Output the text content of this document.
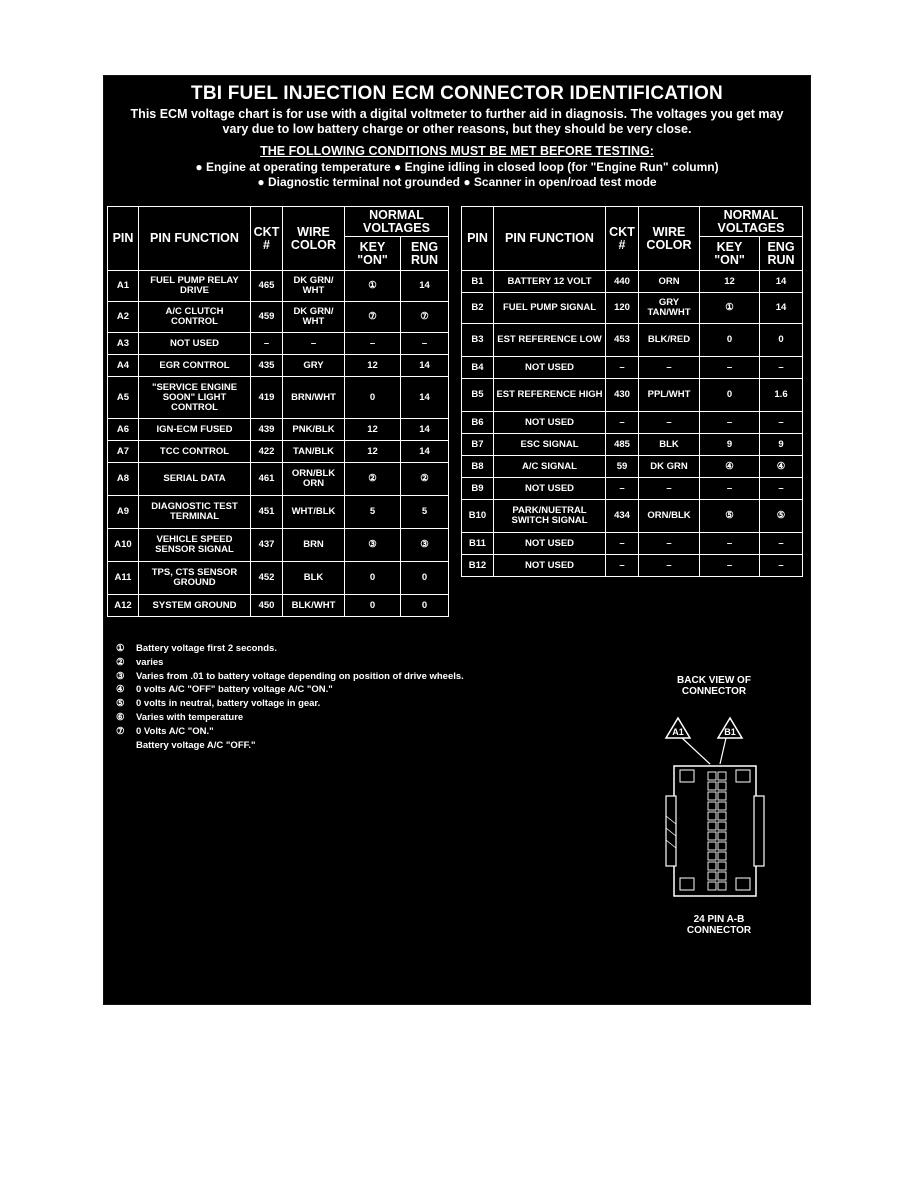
TBI FUEL INJECTION ECM CONNECTOR IDENTIFICATION
This ECM voltage chart is for use with a digital voltmeter to further aid in diagnosis. The voltages you get may vary due to low battery charge or other reasons, but they should be very close.
THE FOLLOWING CONDITIONS MUST BE MET BEFORE TESTING:
● Engine at operating temperature ● Engine idling in closed loop (for "Engine Run" column)
● Diagnostic terminal not grounded ● Scanner in open/road test mode
PIN	PIN FUNCTION	CKT #	WIRE COLOR	NORMAL VOLTAGES	
				KEY "ON"	ENG RUN
A1	FUEL PUMP RELAY DRIVE	465	DK GRN/ WHT	①	14
A2	A/C CLUTCH CONTROL	459	DK GRN/ WHT	⑦	⑦
A3	NOT USED	–	–	–	–
A4	EGR CONTROL	435	GRY	12	14
A5	"SERVICE ENGINE SOON" LIGHT CONTROL	419	BRN/WHT	0	14
A6	IGN-ECM FUSED	439	PNK/BLK	12	14
A7	TCC CONTROL	422	TAN/BLK	12	14
A8	SERIAL DATA	461	ORN/BLK ORN	②	②
A9	DIAGNOSTIC TEST TERMINAL	451	WHT/BLK	5	5
A10	VEHICLE SPEED SENSOR SIGNAL	437	BRN	③	③
A11	TPS, CTS SENSOR GROUND	452	BLK	0	0
A12	SYSTEM GROUND	450	BLK/WHT	0	0
PIN	PIN FUNCTION	CKT #	WIRE COLOR	NORMAL VOLTAGES	
				KEY "ON"	ENG RUN
B1	BATTERY 12 VOLT	440	ORN	12	14
B2	FUEL PUMP SIGNAL	120	GRY TAN/WHT	①	14
B3	EST REFERENCE LOW	453	BLK/RED	0	0
B4	NOT USED	–	–	–	–
B5	EST REFERENCE HIGH	430	PPL/WHT	0	1.6
B6	NOT USED	–	–	–	–
B7	ESC SIGNAL	485	BLK	9	9
B8	A/C SIGNAL	59	DK GRN	④	④
B9	NOT USED	–	–	–	–
B10	PARK/NUETRAL SWITCH SIGNAL	434	ORN/BLK	⑤	⑤
B11	NOT USED	–	–	–	–
B12	NOT USED	–	–	–	–
①	Battery voltage first 2 seconds.
②	varies
③	Varies from .01 to battery voltage depending on position of drive wheels.
④	0 volts A/C "OFF" battery voltage A/C "ON."
⑤	0 volts in neutral, battery voltage in gear.
⑥	Varies with temperature
⑦	0 Volts A/C "ON."
Battery voltage A/C "OFF."
BACK VIEW OF CONNECTOR
A1	B1
24 PIN A-B CONNECTOR
